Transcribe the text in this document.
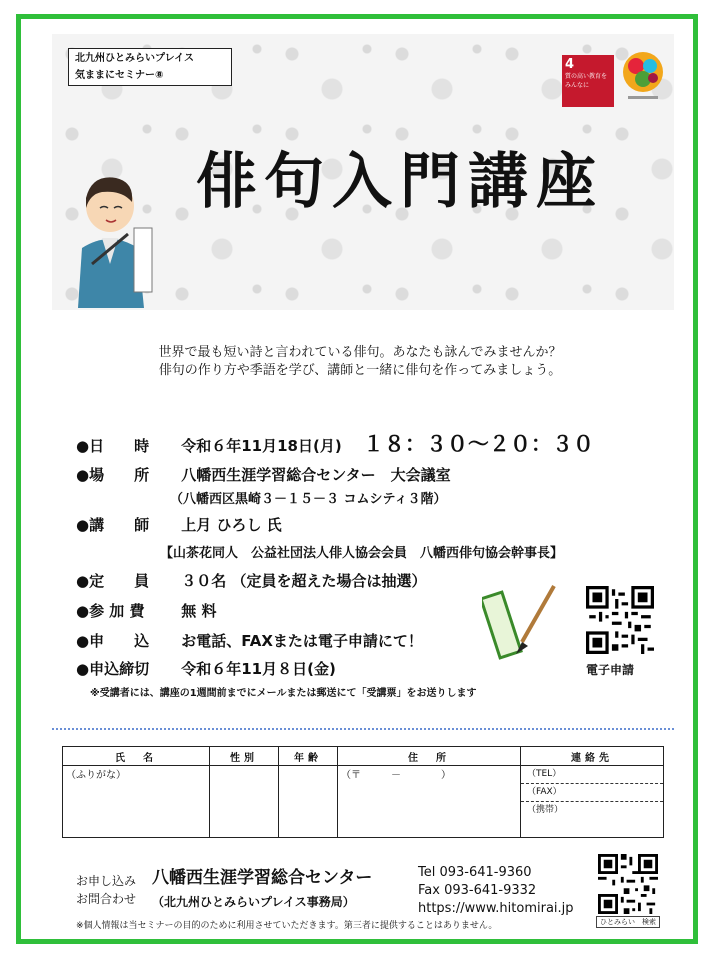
北九州ひとみらいプレイス
気ままにセミナー⑧
4
質の高い教育をみんなに
俳句入門講座
世界で最も短い詩と言われている俳句。あなたも詠んでみませんか？
俳句の作り方や季語を学び、講師と一緒に俳句を作ってみましょう。
●日　　時 令和６年11月18日(月) １８：３０～２０：３０
●場　　所 八幡西生涯学習総合センター　大会議室
（八幡西区黒崎３－１５－３ コムシティ３階）
●講　　師 上月 ひろし 氏
【山茶花同人　公益社団法人俳人協会会員　八幡西俳句協会幹事長】
●定　　員 ３０名 （定員を超えた場合は抽選）
●参 加 費 無 料
●申　　込 お電話、FAXまたは電子申請にて！
●申込締切 令和６年11月８日(金)
※受講者には、講座の1週間前までにメールまたは郵送にて「受講票」をお送りします
電子申請
氏　名	性別	年齢	住　所	連絡先
（ふりがな）			（〒　　　－　　　　）	（TEL）
（FAX）
（携帯）
お申し込み
お問合わせ
八幡西生涯学習総合センター
（北九州ひとみらいプレイス事務局）
Tel 093-641-9360
Fax 093-641-9332
https://www.hitomirai.jp
※個人情報は当セミナーの目的のために利用させていただきます。第三者に提供することはありません。	ひとみらい　検索
